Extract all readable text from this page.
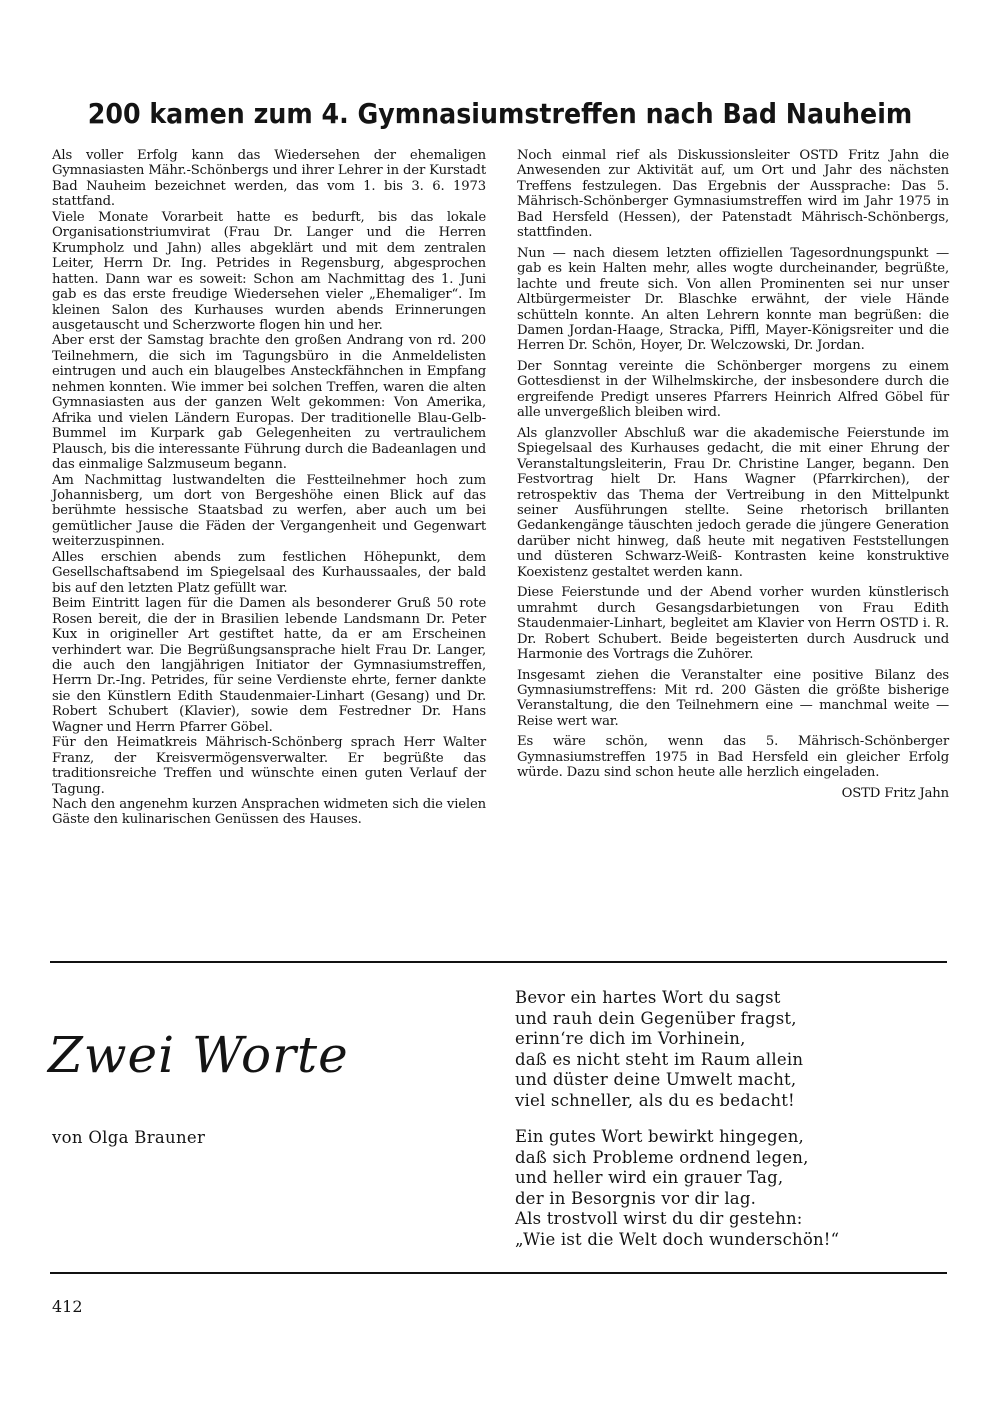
200 kamen zum 4. Gymnasiumstreffen nach Bad Nauheim

Als voller Erfolg kann das Wiedersehen der ehemaligen Gymnasiasten Mähr.-Schönbergs und ihrer Lehrer in der Kurstadt Bad Nauheim bezeichnet werden, das vom 1. bis 3. 6. 1973 stattfand.

Viele Monate Vorarbeit hatte es bedurft, bis das lokale Organisationstriumvirat (Frau Dr. Langer und die Herren Krumpholz und Jahn) alles abgeklärt und mit dem zentralen Leiter, Herrn Dr. Ing. Petrides in Regensburg, abgesprochen hatten. Dann war es soweit: Schon am Nachmittag des 1. Juni gab es das erste freudige Wiedersehen vieler „Ehemaliger“. Im kleinen Salon des Kurhauses wurden abends Erinnerungen ausgetauscht und Scherzworte flogen hin und her.

Aber erst der Samstag brachte den großen Andrang von rd. 200 Teilnehmern, die sich im Tagungsbüro in die Anmeldelisten eintrugen und auch ein blaugelbes Ansteckfähnchen in Empfang nehmen konnten. Wie immer bei solchen Treffen, waren die alten Gymnasiasten aus der ganzen Welt gekommen: Von Amerika, Afrika und vielen Ländern Europas. Der traditionelle Blau-Gelb-Bummel im Kurpark gab Gelegenheiten zu vertraulichem Plausch, bis die interessante Führung durch die Badeanlagen und das einmalige Salzmuseum begann.

Am Nachmittag lustwandelten die Festteilnehmer hoch zum Johannisberg, um dort von Bergeshöhe einen Blick auf das berühmte hessische Staatsbad zu werfen, aber auch um bei gemütlicher Jause die Fäden der Vergangenheit und Gegenwart weiterzuspinnen.

Alles erschien abends zum festlichen Höhepunkt, dem Gesellschaftsabend im Spiegelsaal des Kurhaussaales, der bald bis auf den letzten Platz gefüllt war.

Beim Eintritt lagen für die Damen als besonderer Gruß 50 rote Rosen bereit, die der in Brasilien lebende Landsmann Dr. Peter Kux in origineller Art gestiftet hatte, da er am Erscheinen verhindert war. Die Begrüßungsansprache hielt Frau Dr. Langer, die auch den langjährigen Initiator der Gymnasiumstreffen, Herrn Dr.-Ing. Petrides, für seine Verdienste ehrte, ferner dankte sie den Künstlern Edith Staudenmaier-Linhart (Gesang) und Dr. Robert Schubert (Klavier), sowie dem Festredner Dr. Hans Wagner und Herrn Pfarrer Göbel.

Für den Heimatkreis Mährisch-Schönberg sprach Herr Walter Franz, der Kreisvermögensverwalter. Er begrüßte das traditionsreiche Treffen und wünschte einen guten Verlauf der Tagung.

Nach den angenehm kurzen Ansprachen widmeten sich die vielen Gäste den kulinarischen Genüssen des Hauses.

Noch einmal rief als Diskussionsleiter OSTD Fritz Jahn die Anwesenden zur Aktivität auf, um Ort und Jahr des nächsten Treffens festzulegen. Das Ergebnis der Aussprache: Das 5. Mährisch-Schönberger Gymnasiumstreffen wird im Jahr 1975 in Bad Hersfeld (Hessen), der Patenstadt Mährisch-Schönbergs, stattfinden.

Nun — nach diesem letzten offiziellen Tagesordnungspunkt — gab es kein Halten mehr, alles wogte durcheinander, begrüßte, lachte und freute sich. Von allen Prominenten sei nur unser Altbürgermeister Dr. Blaschke erwähnt, der viele Hände schütteln konnte. An alten Lehrern konnte man begrüßen: die Damen Jordan-Haage, Stracka, Piffl, Mayer-Königsreiter und die Herren Dr. Schön, Hoyer, Dr. Welczowski, Dr. Jordan.

Der Sonntag vereinte die Schönberger morgens zu einem Gottesdienst in der Wilhelmskirche, der insbesondere durch die ergreifende Predigt unseres Pfarrers Heinrich Alfred Göbel für alle unvergeßlich bleiben wird.

Als glanzvoller Abschluß war die akademische Feierstunde im Spiegelsaal des Kurhauses gedacht, die mit einer Ehrung der Veranstaltungsleiterin, Frau Dr. Christine Langer, begann. Den Festvortrag hielt Dr. Hans Wagner (Pfarrkirchen), der retrospektiv das Thema der Vertreibung in den Mittelpunkt seiner Ausführungen stellte. Seine rhetorisch brillanten Gedankengänge täuschten jedoch gerade die jüngere Generation darüber nicht hinweg, daß heute mit negativen Feststellungen und düsteren Schwarz-Weiß- Kontrasten keine konstruktive Koexistenz gestaltet werden kann.

Diese Feierstunde und der Abend vorher wurden künstlerisch umrahmt durch Gesangsdarbietungen von Frau Edith Staudenmaier-Linhart, begleitet am Klavier von Herrn OSTD i. R. Dr. Robert Schubert. Beide begeisterten durch Ausdruck und Harmonie des Vortrags die Zuhörer.

Insgesamt ziehen die Veranstalter eine positive Bilanz des Gymnasiumstreffens: Mit rd. 200 Gästen die größte bisherige Veranstaltung, die den Teilnehmern eine — manchmal weite — Reise wert war.

Es wäre schön, wenn das 5. Mährisch-Schönberger Gymnasiumstreffen 1975 in Bad Hersfeld ein gleicher Erfolg würde. Dazu sind schon heute alle herzlich eingeladen.

OSTD Fritz Jahn

Zwei Worte
von Olga Brauner
Bevor ein hartes Wort du sagst
und rauh dein Gegenüber fragst,
erinn‘re dich im Vorhinein,
daß es nicht steht im Raum allein
und düster deine Umwelt macht,
viel schneller, als du es bedacht!
Ein gutes Wort bewirkt hingegen,
daß sich Probleme ordnend legen,
und heller wird ein grauer Tag,
der in Besorgnis vor dir lag.
Als trostvoll wirst du dir gestehn:
„Wie ist die Welt doch wunderschön!“
412
